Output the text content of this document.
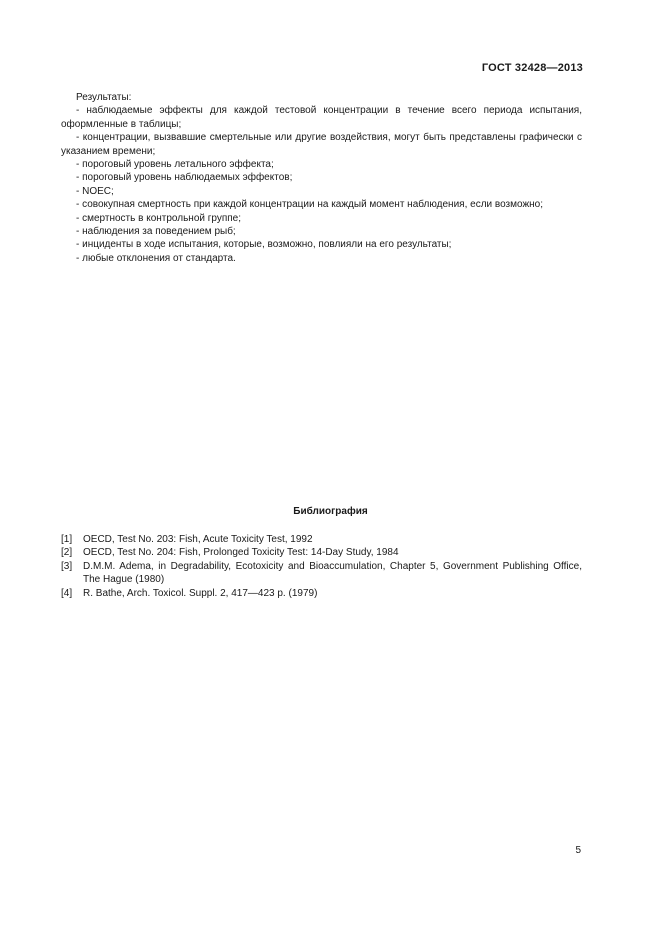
ГОСТ 32428—2013

Результаты:

- наблюдаемые эффекты для каждой тестовой концентрации в течение всего периода испытания, оформленные в таблицы;

- концентрации, вызвавшие смертельные или другие воздействия, могут быть представлены графически с указанием времени;

- пороговый уровень летального эффекта;

- пороговый уровень наблюдаемых эффектов;

- NOEC;

- совокупная смертность при каждой концентрации на каждый момент наблюдения, если возможно;

- смертность в контрольной группе;

- наблюдения за поведением рыб;

- инциденты в ходе испытания, которые, возможно, повлияли на его результаты;

- любые отклонения от стандарта.

Библиография
[1]	OECD, Test No. 203: Fish, Acute Toxicity Test, 1992
[2]	OECD, Test No. 204: Fish, Prolonged Toxicity Test: 14-Day Study, 1984
[3]	D.M.M. Adema, in Degradability, Ecotoxicity and Bioaccumulation, Chapter 5, Government Publishing Office, The Hague (1980)
[4]	R. Bathe, Arch. Toxicol. Suppl. 2, 417—423 p. (1979)
5
